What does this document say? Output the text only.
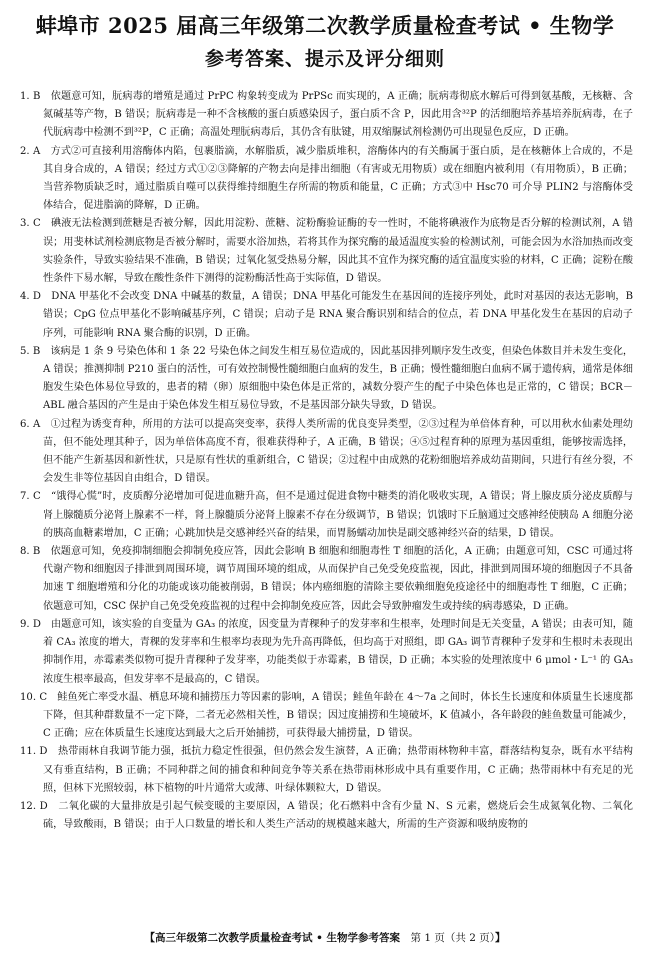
蚌埠市 2025 届高三年级第二次教学质量检查考试 • 生物学
参考答案、提示及评分细则

1. B　依题意可知，朊病毒的增殖是通过 PrPC 构象转变成为 PrPSc 而实现的，A 正确；朊病毒彻底水解后可得到氨基酸，无核糖、含氮碱基等产物，B 错误；朊病毒是一种不含核酸的蛋白质感染因子，蛋白质不含 P，因此用含³²P 的活细胞培养基培养朊病毒，在子代朊病毒中检测不到³²P，C 正确；高温处理朊病毒后，其仍含有肽键，用双缩脲试剂检测仍可出现显色反应，D 正确。

2. A　方式②可直接利用溶酶体内陷，包裹脂滴，水解脂质，减少脂质堆积，溶酶体内的有关酶属于蛋白质，是在核糖体上合成的，不是其自身合成的，A 错误；经过方式①②③降解的产物去向是排出细胞（有害或无用物质）或在细胞内被利用（有用物质），B 正确；当营养物质缺乏时，通过脂质自噬可以获得维持细胞生存所需的物质和能量，C 正确；方式③中 Hsc70 可介导 PLIN2 与溶酶体受体结合，促进脂滴的降解，D 正确。

3. C　碘液无法检测到蔗糖是否被分解，因此用淀粉、蔗糖、淀粉酶验证酶的专一性时，不能将碘液作为底物是否分解的检测试剂，A 错误；用斐林试剂检测底物是否被分解时，需要水浴加热，若将其作为探究酶的最适温度实验的检测试剂，可能会因为水浴加热而改变实验条件，导致实验结果不准确，B 错误；过氧化氢受热易分解，因此其不宜作为探究酶的适宜温度实验的材料，C 正确；淀粉在酸性条件下易水解，导致在酸性条件下测得的淀粉酶活性高于实际值，D 错误。

4. D　DNA 甲基化不会改变 DNA 中碱基的数量，A 错误；DNA 甲基化可能发生在基因间的连接序列处，此时对基因的表达无影响，B 错误；CpG 位点甲基化不影响碱基序列，C 错误；启动子是 RNA 聚合酶识别和结合的位点，若 DNA 甲基化发生在基因的启动子序列，可能影响 RNA 聚合酶的识别，D 正确。

5. B　该病是 1 条 9 号染色体和 1 条 22 号染色体之间发生相互易位造成的，因此基因排列顺序发生改变，但染色体数目并未发生变化，A 错误；推测抑制 P210 蛋白的活性，可有效控制慢性髓细胞白血病的发生，B 正确；慢性髓细胞白血病不属于遗传病，通常是体细胞发生染色体易位导致的，患者的精（卵）原细胞中染色体是正常的，减数分裂产生的配子中染色体也是正常的，C 错误；BCR－ABL 融合基因的产生是由于染色体发生相互易位导致，不是基因部分缺失导致，D 错误。

6. A　①过程为诱变育种，所用的方法可以提高突变率，获得人类所需的优良变异类型，②③过程为单倍体育种，可以用秋水仙素处理幼苗，但不能处理其种子，因为单倍体高度不育，很难获得种子，A 正确，B 错误；④⑤过程育种的原理为基因重组，能够按需选择，但不能产生新基因和新性状，只是原有性状的重新组合，C 错误；②过程中由成熟的花粉细胞培养成幼苗期间，只进行有丝分裂，不会发生非等位基因自由组合，D 错误。

7. C　“饿得心慌”时，皮质醇分泌增加可促进血糖升高，但不是通过促进食物中糖类的消化吸收实现，A 错误；肾上腺皮质分泌皮质醇与肾上腺髓质分泌肾上腺素不一样，肾上腺髓质分泌肾上腺素不存在分级调节，B 错误；饥饿时下丘脑通过交感神经使胰岛 A 细胞分泌的胰高血糖素增加，C 正确；心跳加快是交感神经兴奋的结果，而胃肠蠕动加快是副交感神经兴奋的结果，D 错误。

8. B　依题意可知，免疫抑制细胞会抑制免疫应答，因此会影响 B 细胞和细胞毒性 T 细胞的活化，A 正确；由题意可知，CSC 可通过将代谢产物和细胞因子排泄到周围环境，调节周围环境的组成，从而保护自己免受免疫监视，因此，排泄到周围环境的细胞因子不具备加速 T 细胞增殖和分化的功能或该功能被削弱，B 错误；体内癌细胞的清除主要依赖细胞免疫途径中的细胞毒性 T 细胞，C 正确；依题意可知，CSC 保护自己免受免疫监视的过程中会抑制免疫应答，因此会导致肿瘤发生或持续的病毒感染，D 正确。

9. D　由题意可知，该实验的自变量为 GA₃ 的浓度，因变量为青稞种子的发芽率和生根率，处理时间是无关变量，A 错误；由表可知，随着 CA₃ 浓度的增大，青稞的发芽率和生根率均表现为先升高再降低，但均高于对照组，即 GA₃ 调节青稞种子发芽和生根时未表现出抑制作用，赤霉素类似物可提升青稞种子发芽率，功能类似于赤霉素，B 错误，D 正确；本实验的处理浓度中 6 μmol・L⁻¹ 的 GA₃ 浓度生根率最高，但发芽率不是最高的，C 错误。

10. C　鲑鱼死亡率受水温、栖息环境和捕捞压力等因素的影响，A 错误；鲑鱼年龄在 4～7a 之间时，体长生长速度和体质量生长速度都下降，但其种群数量不一定下降，二者无必然相关性，B 错误；因过度捕捞和生境破坏，K 值减小，各年龄段的鲑鱼数量可能减少，C 正确；应在体质量生长速度达到最大之后开始捕捞，可获得最大捕捞量，D 错误。

11. D　热带雨林自我调节能力强，抵抗力稳定性很强，但仍然会发生演替，A 正确；热带雨林物种丰富，群落结构复杂，既有水平结构又有垂直结构，B 正确；不同种群之间的捕食和种间竞争等关系在热带雨林形成中具有重要作用，C 正确；热带雨林中有充足的光照，但林下光照较弱，林下植物的叶片通常大或薄、叶绿体颗粒大，D 错误。

12. D　二氧化碳的大量排放是引起气候变暖的主要原因，A 错误；化石燃料中含有少量 N、S 元素，燃烧后会生成氮氧化物、二氧化硫，导致酸雨，B 错误；由于人口数量的增长和人类生产活动的规模越来越大，所需的生产资源和吸纳废物的

【高三年级第二次教学质量检查考试 • 生物学参考答案　 第 1 页（共 2 页）】
